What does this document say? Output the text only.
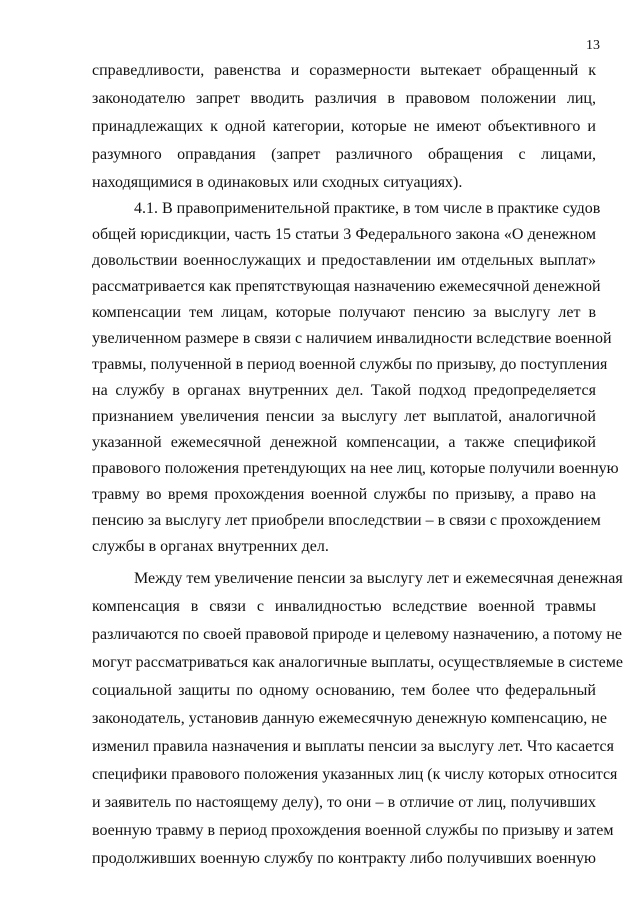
13
справедливости, равенства и соразмерности вытекает обращенный к
законодателю запрет вводить различия в правовом положении лиц,
принадлежащих к одной категории, которые не имеют объективного и
разумного оправдания (запрет различного обращения с лицами,
находящимися в одинаковых или сходных ситуациях).
4.1. В правоприменительной практике, в том числе в практике судов
общей юрисдикции, часть 15 статьи 3 Федерального закона «О денежном
довольствии военнослужащих и предоставлении им отдельных выплат»
рассматривается как препятствующая назначению ежемесячной денежной
компенсации тем лицам, которые получают пенсию за выслугу лет в
увеличенном размере в связи с наличием инвалидности вследствие военной
травмы, полученной в период военной службы по призыву, до поступления
на службу в органах внутренних дел. Такой подход предопределяется
признанием увеличения пенсии за выслугу лет выплатой, аналогичной
указанной ежемесячной денежной компенсации, а также спецификой
правового положения претендующих на нее лиц, которые получили военную
травму во время прохождения военной службы по призыву, а право на
пенсию за выслугу лет приобрели впоследствии – в связи с прохождением
службы в органах внутренних дел.
Между тем увеличение пенсии за выслугу лет и ежемесячная денежная
компенсация в связи с инвалидностью вследствие военной травмы
различаются по своей правовой природе и целевому назначению, а потому не
могут рассматриваться как аналогичные выплаты, осуществляемые в системе
социальной защиты по одному основанию, тем более что федеральный
законодатель, установив данную ежемесячную денежную компенсацию, не
изменил правила назначения и выплаты пенсии за выслугу лет. Что касается
специфики правового положения указанных лиц (к числу которых относится
и заявитель по настоящему делу), то они – в отличие от лиц, получивших
военную травму в период прохождения военной службы по призыву и затем
продолживших военную службу по контракту либо получивших военную
